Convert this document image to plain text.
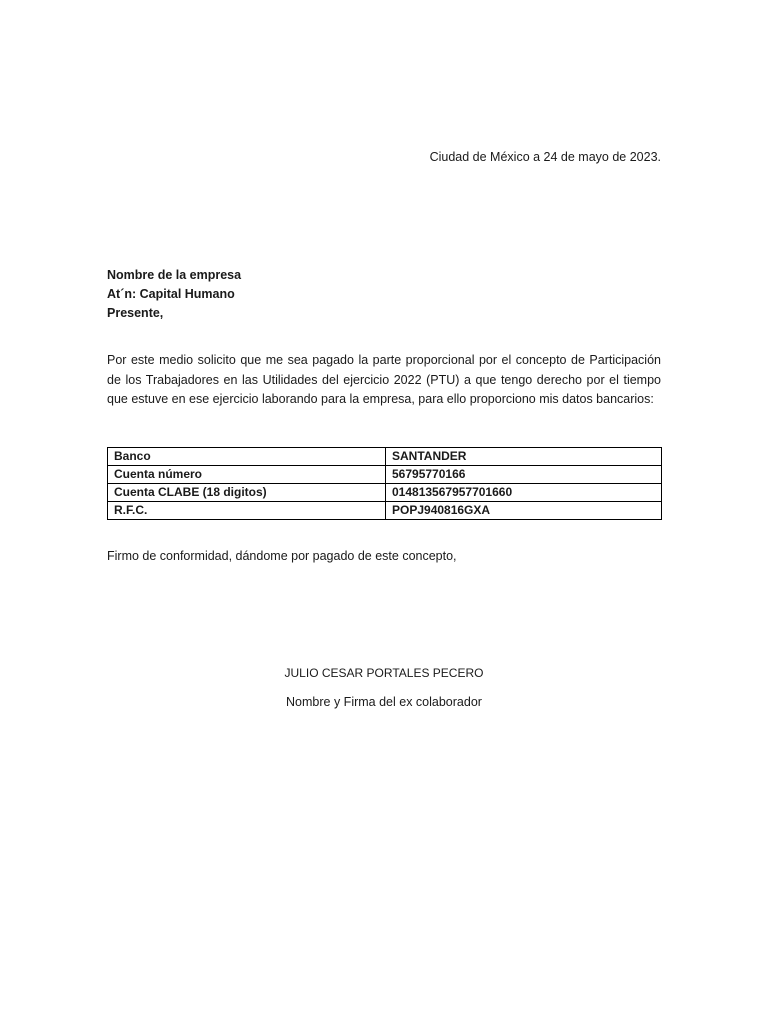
Ciudad de México a 24 de mayo de 2023.
Nombre de la empresa
At´n: Capital Humano
Presente,
Por este medio solicito que me sea pagado la parte proporcional por el concepto de Participación de los Trabajadores en las Utilidades del ejercicio 2022 (PTU) a que tengo derecho por el tiempo que estuve en ese ejercicio laborando para la empresa, para ello proporciono mis datos bancarios:
Banco	SANTANDER
Cuenta número	56795770166
Cuenta CLABE (18 digitos)	014813567957701660
R.F.C.	POPJ940816GXA
Firmo de conformidad, dándome por pagado de este concepto,
JULIO CESAR PORTALES PECERO
Nombre y Firma del ex colaborador
